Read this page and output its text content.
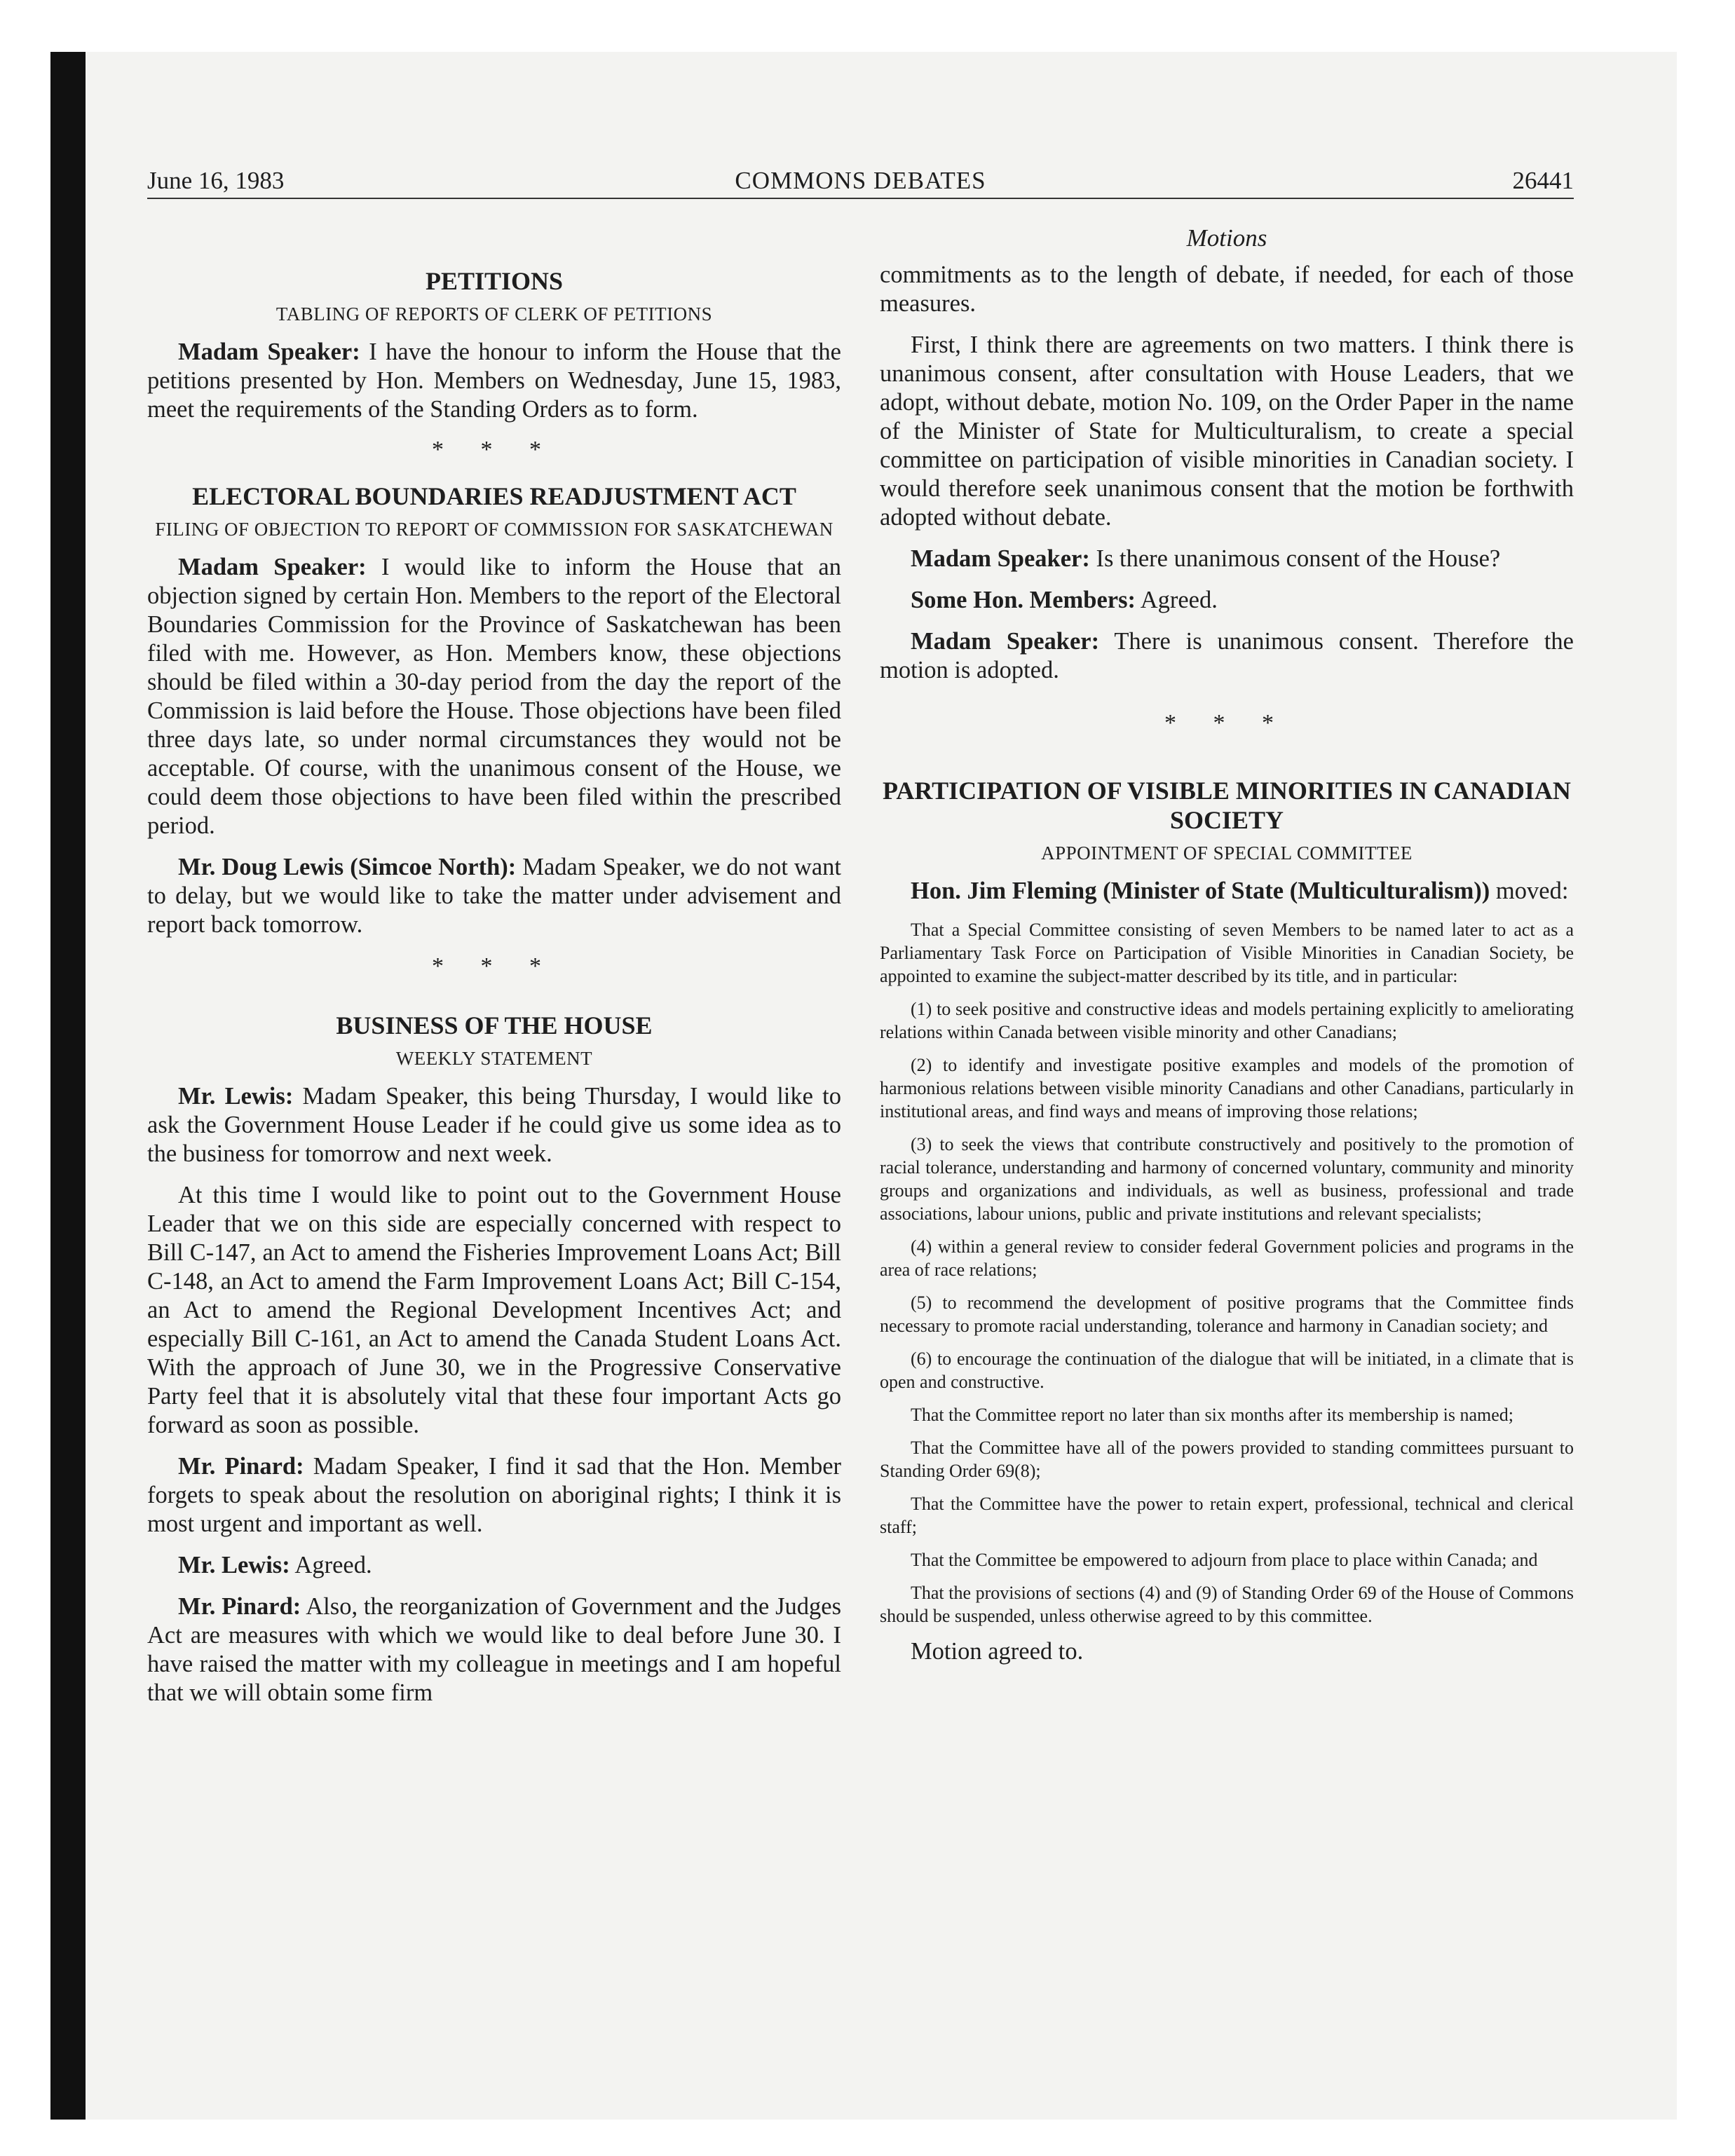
June 16, 1983	COMMONS DEBATES	26441
PETITIONS
TABLING OF REPORTS OF CLERK OF PETITIONS

Madam Speaker: I have the honour to inform the House that the petitions presented by Hon. Members on Wednesday, June 15, 1983, meet the requirements of the Standing Orders as to form.

* * *
ELECTORAL BOUNDARIES READJUSTMENT ACT
FILING OF OBJECTION TO REPORT OF COMMISSION FOR SASKATCHEWAN

Madam Speaker: I would like to inform the House that an objection signed by certain Hon. Members to the report of the Electoral Boundaries Commission for the Province of Saskatchewan has been filed with me. However, as Hon. Members know, these objections should be filed within a 30-day period from the day the report of the Commission is laid before the House. Those objections have been filed three days late, so under normal circumstances they would not be acceptable. Of course, with the unanimous consent of the House, we could deem those objections to have been filed within the prescribed period.

Mr. Doug Lewis (Simcoe North): Madam Speaker, we do not want to delay, but we would like to take the matter under advisement and report back tomorrow.

* * *
BUSINESS OF THE HOUSE
WEEKLY STATEMENT

Mr. Lewis: Madam Speaker, this being Thursday, I would like to ask the Government House Leader if he could give us some idea as to the business for tomorrow and next week.

At this time I would like to point out to the Government House Leader that we on this side are especially concerned with respect to Bill C-147, an Act to amend the Fisheries Improvement Loans Act; Bill C-148, an Act to amend the Farm Improvement Loans Act; Bill C-154, an Act to amend the Regional Development Incentives Act; and especially Bill C-161, an Act to amend the Canada Student Loans Act. With the approach of June 30, we in the Progressive Conservative Party feel that it is absolutely vital that these four important Acts go forward as soon as possible.

Mr. Pinard: Madam Speaker, I find it sad that the Hon. Member forgets to speak about the resolution on aboriginal rights; I think it is most urgent and important as well.

Mr. Lewis: Agreed.

Mr. Pinard: Also, the reorganization of Government and the Judges Act are measures with which we would like to deal before June 30. I have raised the matter with my colleague in meetings and I am hopeful that we will obtain some firm

Motions

commitments as to the length of debate, if needed, for each of those measures.

First, I think there are agreements on two matters. I think there is unanimous consent, after consultation with House Leaders, that we adopt, without debate, motion No. 109, on the Order Paper in the name of the Minister of State for Multiculturalism, to create a special committee on participation of visible minorities in Canadian society. I would therefore seek unanimous consent that the motion be forthwith adopted without debate.

Madam Speaker: Is there unanimous consent of the House?

Some Hon. Members: Agreed.

Madam Speaker: There is unanimous consent. Therefore the motion is adopted.

* * *
PARTICIPATION OF VISIBLE MINORITIES IN CANADIAN SOCIETY
APPOINTMENT OF SPECIAL COMMITTEE

Hon. Jim Fleming (Minister of State (Multiculturalism)) moved:

That a Special Committee consisting of seven Members to be named later to act as a Parliamentary Task Force on Participation of Visible Minorities in Canadian Society, be appointed to examine the subject-matter described by its title, and in particular:

(1) to seek positive and constructive ideas and models pertaining explicitly to ameliorating relations within Canada between visible minority and other Canadians;

(2) to identify and investigate positive examples and models of the promotion of harmonious relations between visible minority Canadians and other Canadians, particularly in institutional areas, and find ways and means of improving those relations;

(3) to seek the views that contribute constructively and positively to the promotion of racial tolerance, understanding and harmony of concerned voluntary, community and minority groups and organizations and individuals, as well as business, professional and trade associations, labour unions, public and private institutions and relevant specialists;

(4) within a general review to consider federal Government policies and programs in the area of race relations;

(5) to recommend the development of positive programs that the Committee finds necessary to promote racial understanding, tolerance and harmony in Canadian society; and

(6) to encourage the continuation of the dialogue that will be initiated, in a climate that is open and constructive.

That the Committee report no later than six months after its membership is named;

That the Committee have all of the powers provided to standing committees pursuant to Standing Order 69(8);

That the Committee have the power to retain expert, professional, technical and clerical staff;

That the Committee be empowered to adjourn from place to place within Canada; and

That the provisions of sections (4) and (9) of Standing Order 69 of the House of Commons should be suspended, unless otherwise agreed to by this committee.

Motion agreed to.
